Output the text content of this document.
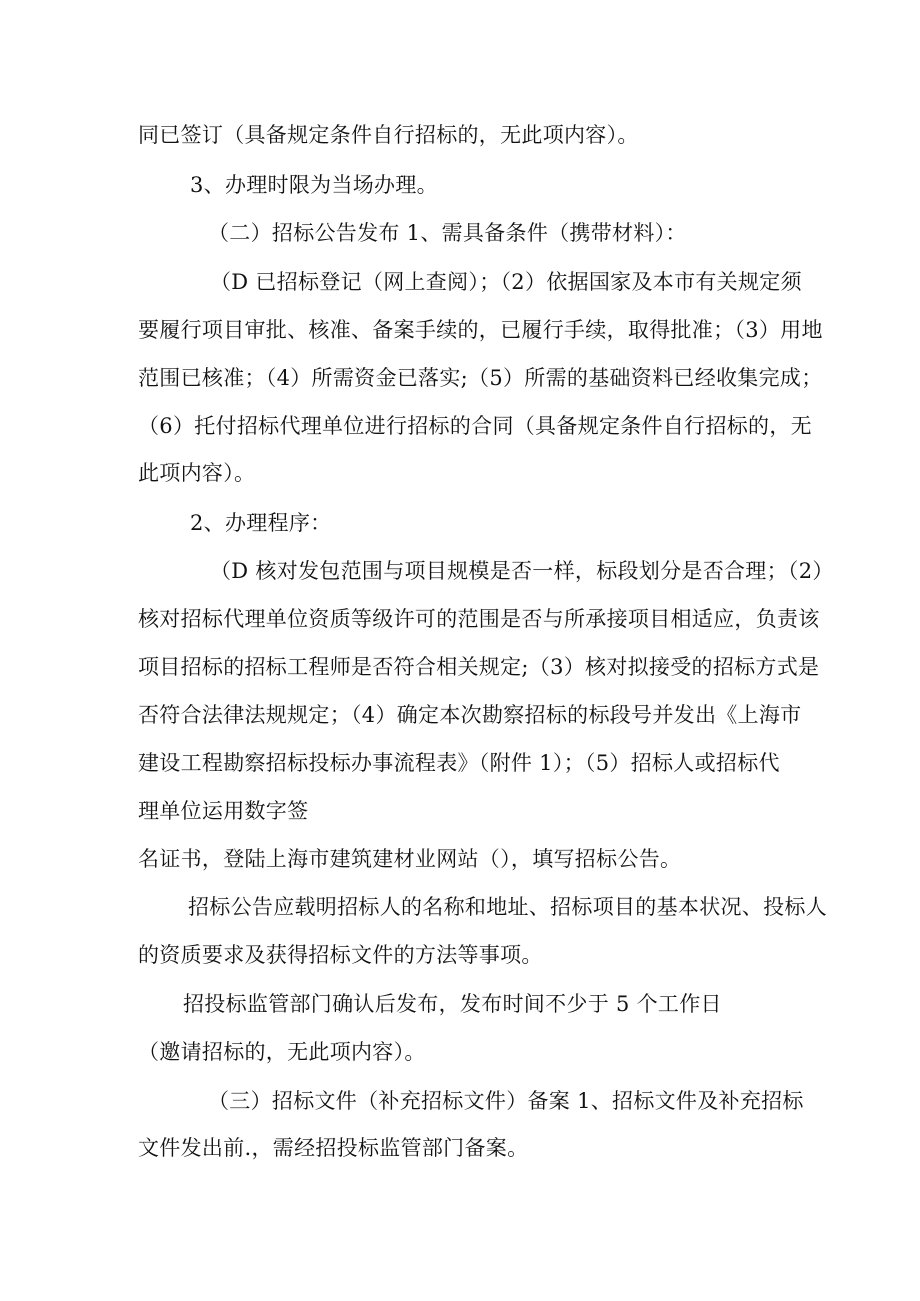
同已签订（具备规定条件自行招标的，无此项内容）。
3、办理时限为当场办理。
（二）招标公告发布 1、需具备条件（携带材料）：
（D 已招标登记（网上查阅）；（2）依据国家及本市有关规定须
要履行项目审批、核准、备案手续的，已履行手续，取得批准；（3）用地
范围已核准；（4）所需资金已落实;（5）所需的基础资料已经收集完成；
（6）托付招标代理单位进行招标的合同（具备规定条件自行招标的，无
此项内容）。
2、办理程序：
（D 核对发包范围与项目规模是否一样，标段划分是否合理；（2）
核对招标代理单位资质等级许可的范围是否与所承接项目相适应，负责该
项目招标的招标工程师是否符合相关规定;（3）核对拟接受的招标方式是
否符合法律法规规定；（4）确定本次勘察招标的标段号并发出《上海市
建设工程勘察招标投标办事流程表》（附件 1）；（5）招标人或招标代
理单位运用数字签
名证书，登陆上海市建筑建材业网站（），填写招标公告。
招标公告应载明招标人的名称和地址、招标项目的基本状况、投标人
的资质要求及获得招标文件的方法等事项。
招投标监管部门确认后发布，发布时间不少于 5 个工作日
（邀请招标的，无此项内容）。
（三）招标文件（补充招标文件）备案 1、招标文件及补充招标
文件发出前.，需经招投标监管部门备案。
